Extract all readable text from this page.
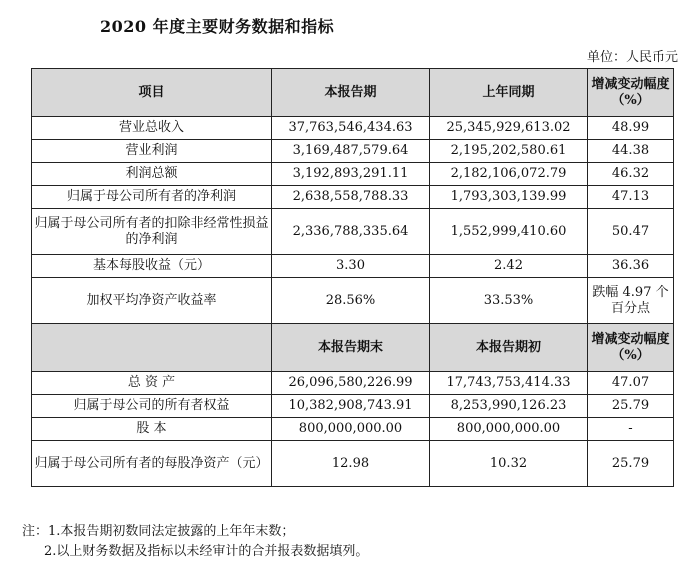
2020 年度主要财务数据和指标
单位：人民币元
项目	本报告期	上年同期	增减变动幅度（%）
营业总收入	37,763,546,434.63	25,345,929,613.02	48.99
营业利润	3,169,487,579.64	2,195,202,580.61	44.38
利润总额	3,192,893,291.11	2,182,106,072.79	46.32
归属于母公司所有者的净利润	2,638,558,788.33	1,793,303,139.99	47.13
归属于母公司所有者的扣除非经常性损益的净利润	2,336,788,335.64	1,552,999,410.60	50.47
基本每股收益（元）	3.30	2.42	36.36
加权平均净资产收益率	28.56%	33.53%	跌幅 4.97 个百分点
	本报告期末	本报告期初	增减变动幅度（%）
总 资 产	26,096,580,226.99	17,743,753,414.33	47.07
归属于母公司的所有者权益	10,382,908,743.91	8,253,990,126.23	25.79
股 本	800,000,000.00	800,000,000.00	-
归属于母公司所有者的每股净资产（元）	12.98	10.32	25.79
注：1.本报告期初数同法定披露的上年年末数；
2.以上财务数据及指标以未经审计的合并报表数据填列。
